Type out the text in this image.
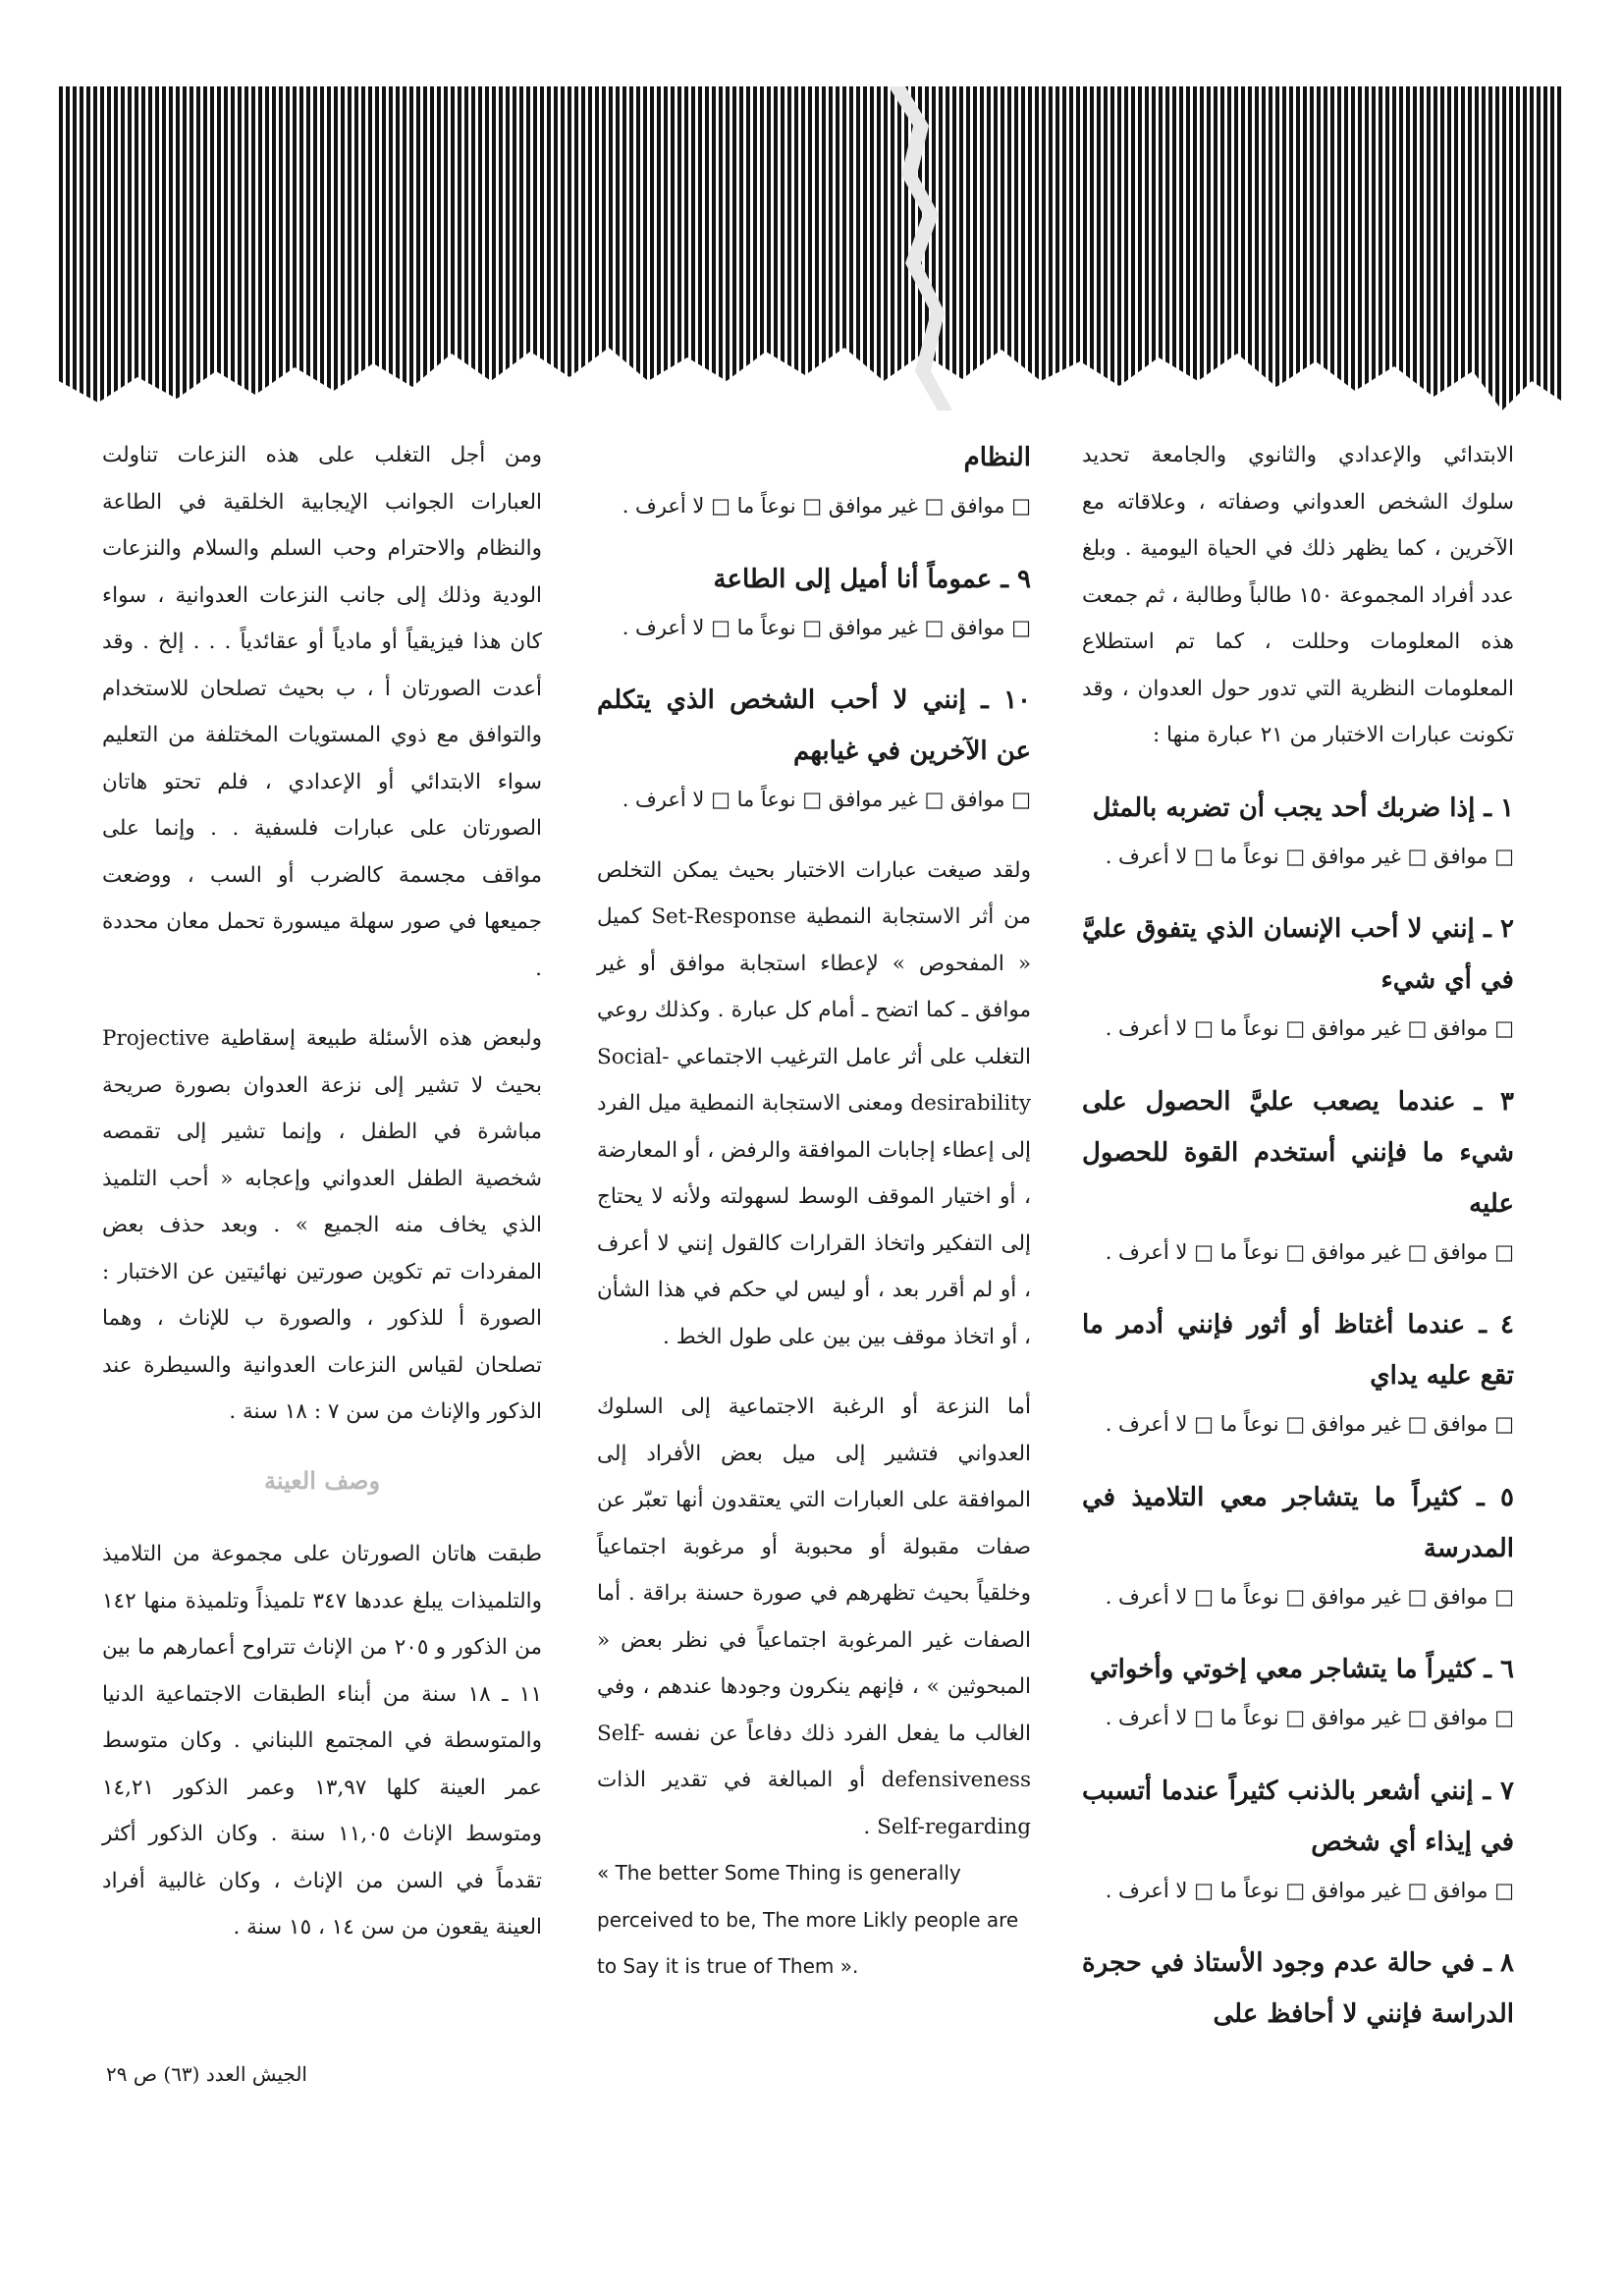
الابتدائي والإعدادي والثانوي والجامعة تحديد سلوك الشخص العدواني وصفاته ، وعلاقاته مع الآخرين ، كما يظهر ذلك في الحياة اليومية . وبلغ عدد أفراد المجموعة ١٥٠ طالباً وطالبة ، ثم جمعت هذه المعلومات وحللت ، كما تم استطلاع المعلومات النظرية التي تدور حول العدوان ، وقد تكونت عبارات الاختبار من ٢١ عبارة منها :

١ ـ إذا ضربك أحد يجب أن تضربه بالمثل

□ موافق □ غير موافق □ نوعاً ما □ لا أعرف .

٢ ـ إنني لا أحب الإنسان الذي يتفوق عليَّ في أي شيء

□ موافق □ غير موافق □ نوعاً ما □ لا أعرف .

٣ ـ عندما يصعب عليَّ الحصول على شيء ما فإنني أستخدم القوة للحصول عليه

□ موافق □ غير موافق □ نوعاً ما □ لا أعرف .

٤ ـ عندما أغتاظ أو أثور فإنني أدمر ما تقع عليه يداي

□ موافق □ غير موافق □ نوعاً ما □ لا أعرف .

٥ ـ كثيراً ما يتشاجر معي التلاميذ في المدرسة

□ موافق □ غير موافق □ نوعاً ما □ لا أعرف .

٦ ـ كثيراً ما يتشاجر معي إخوتي وأخواتي

□ موافق □ غير موافق □ نوعاً ما □ لا أعرف .

٧ ـ إنني أشعر بالذنب كثيراً عندما أتسبب في إيذاء أي شخص

□ موافق □ غير موافق □ نوعاً ما □ لا أعرف .

٨ ـ في حالة عدم وجود الأستاذ في حجرة الدراسة فإنني لا أحافظ على

النظام

□ موافق □ غير موافق □ نوعاً ما □ لا أعرف .

٩ ـ عموماً أنا أميل إلى الطاعة

□ موافق □ غير موافق □ نوعاً ما □ لا أعرف .

١٠ ـ إنني لا أحب الشخص الذي يتكلم عن الآخرين في غيابهم

□ موافق □ غير موافق □ نوعاً ما □ لا أعرف .

ولقد صيغت عبارات الاختبار بحيث يمكن التخلص من أثر الاستجابة النمطية Set-Response كميل « المفحوص » لإعطاء استجابة موافق أو غير موافق ـ كما اتضح ـ أمام كل عبارة . وكذلك روعي التغلب على أثر عامل الترغيب الاجتماعي Social-desirability ومعنى الاستجابة النمطية ميل الفرد إلى إعطاء إجابات الموافقة والرفض ، أو المعارضة ، أو اختيار الموقف الوسط لسهولته ولأنه لا يحتاج إلى التفكير واتخاذ القرارات كالقول إنني لا أعرف ، أو لم أقرر بعد ، أو ليس لي حكم في هذا الشأن ، أو اتخاذ موقف بين بين على طول الخط .

أما النزعة أو الرغبة الاجتماعية إلى السلوك العدواني فتشير إلى ميل بعض الأفراد إلى الموافقة على العبارات التي يعتقدون أنها تعبّر عن صفات مقبولة أو محبوبة أو مرغوبة اجتماعياً وخلقياً بحيث تظهرهم في صورة حسنة براقة . أما الصفات غير المرغوبة اجتماعياً في نظر بعض « المبحوثين » ، فإنهم ينكرون وجودها عندهم ، وفي الغالب ما يفعل الفرد ذلك دفاعاً عن نفسه Self-defensiveness أو المبالغة في تقدير الذات Self-regarding .

« The better Some Thing is generally perceived to be, The more Likly people are to Say it is true of Them ».

ومن أجل التغلب على هذه النزعات تناولت العبارات الجوانب الإيجابية الخلقية في الطاعة والنظام والاحترام وحب السلم والسلام والنزعات الودية وذلك إلى جانب النزعات العدوانية ، سواء كان هذا فيزيقياً أو مادياً أو عقائدياً . . . إلخ . وقد أعدت الصورتان أ ، ب بحيث تصلحان للاستخدام والتوافق مع ذوي المستويات المختلفة من التعليم سواء الابتدائي أو الإعدادي ، فلم تحتو هاتان الصورتان على عبارات فلسفية . . وإنما على مواقف مجسمة كالضرب أو السب ، ووضعت جميعها في صور سهلة ميسورة تحمل معان محددة .

ولبعض هذه الأسئلة طبيعة إسقاطية Projective بحيث لا تشير إلى نزعة العدوان بصورة صريحة مباشرة في الطفل ، وإنما تشير إلى تقمصه شخصية الطفل العدواني وإعجابه « أحب التلميذ الذي يخاف منه الجميع » . وبعد حذف بعض المفردات تم تكوين صورتين نهائيتين عن الاختبار : الصورة أ للذكور ، والصورة ب للإناث ، وهما تصلحان لقياس النزعات العدوانية والسيطرة عند الذكور والإناث من سن ٧ : ١٨ سنة .

وصف العينة

طبقت هاتان الصورتان على مجموعة من التلاميذ والتلميذات يبلغ عددها ٣٤٧ تلميذاً وتلميذة منها ١٤٢ من الذكور و ٢٠٥ من الإناث تتراوح أعمارهم ما بين ١١ ـ ١٨ سنة من أبناء الطبقات الاجتماعية الدنيا والمتوسطة في المجتمع اللبناني . وكان متوسط عمر العينة كلها ١٣,٩٧ وعمر الذكور ١٤,٢١ ومتوسط الإناث ١١,٠٥ سنة . وكان الذكور أكثر تقدماً في السن من الإناث ، وكان غالبية أفراد العينة يقعون من سن ١٤ ، ١٥ سنة .

الجيش العدد (٦٣) ص ٢٩
